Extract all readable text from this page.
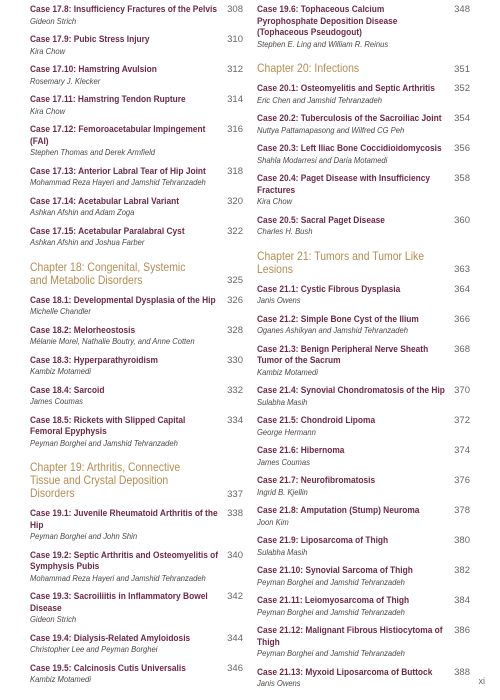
Case 17.8: Insufficiency Fractures of the Pelvis
Gideon Strich
308
Case 17.9: Pubic Stress Injury
Kira Chow
310
Case 17.10: Hamstring Avulsion
Rosemary J. Klecker
312
Case 17.11: Hamstring Tendon Rupture
Kira Chow
314
Case 17.12: Femoroacetabular Impingement (FAI)
Stephen Thomas and Derek Armfield
316
Case 17.13: Anterior Labral Tear of Hip Joint
Mohammad Reza Hayeri and Jamshid Tehranzadeh
318
Case 17.14: Acetabular Labral Variant
Ashkan Afshin and Adam Zoga
320
Case 17.15: Acetabular Paralabral Cyst
Ashkan Afshin and Joshua Farber
322
Chapter 18: Congenital, Systemic and Metabolic Disorders	325
Case 18.1: Developmental Dysplasia of the Hip
Michelle Chandler
326
Case 18.2: Melorheostosis
Mélanie Morel, Nathalie Boutry, and Anne Cotten
328
Case 18.3: Hyperparathyroidism
Kambiz Motamedi
330
Case 18.4: Sarcoid
James Coumas
332
Case 18.5: Rickets with Slipped Capital Femoral Epyphysis
Peyman Borghei and Jamshid Tehranzadeh
334
Chapter 19: Arthritis, Connective Tissue and Crystal Deposition Disorders	337
Case 19.1: Juvenile Rheumatoid Arthritis of the Hip
Peyman Borghei and John Shin
338
Case 19.2: Septic Arthritis and Osteomyelitis of Symphysis Pubis
Mohammad Reza Hayeri and Jamshid Tehranzadeh
340
Case 19.3: Sacroiliitis in Inflammatory Bowel Disease
Gideon Strich
342
Case 19.4: Dialysis-Related Amyloidosis
Christopher Lee and Peyman Borghei
344
Case 19.5: Calcinosis Cutis Universalis
Kambiz Motamedi
346
Case 19.6: Tophaceous Calcium Pyrophosphate Deposition Disease (Tophaceous Pseudogout)
Stephen E. Ling and William R. Reinus
348
Chapter 20: Infections	351
Case 20.1: Osteomyelitis and Septic Arthritis
Eric Chen and Jamshid Tehranzadeh
352
Case 20.2: Tuberculosis of the Sacroiliac Joint
Nuttya Pattamapasong and Wilfred CG Peh
354
Case 20.3: Left Iliac Bone Coccidioidomycosis
Shahla Modarresi and Daria Motamedi
356
Case 20.4: Paget Disease with Insufficiency Fractures
Kira Chow
358
Case 20.5: Sacral Paget Disease
Charles H. Bush
360
Chapter 21: Tumors and Tumor Like Lesions	363
Case 21.1: Cystic Fibrous Dysplasia
Janis Owens
364
Case 21.2: Simple Bone Cyst of the Ilium
Oganes Ashikyan and Jamshid Tehranzadeh
366
Case 21.3: Benign Peripheral Nerve Sheath Tumor of the Sacrum
Kambiz Motamedi
368
Case 21.4: Synovial Chondromatosis of the Hip
Sulabha Masih
370
Case 21.5: Chondroid Lipoma
George Hermann
372
Case 21.6: Hibernoma
James Coumas
374
Case 21.7: Neurofibromatosis
Ingrid B. Kjellin
376
Case 21.8: Amputation (Stump) Neuroma
Joon Kim
378
Case 21.9: Liposarcoma of Thigh
Sulabha Masih
380
Case 21.10: Synovial Sarcoma of Thigh
Peyman Borghei and Jamshid Tehranzadeh
382
Case 21.11: Leiomyosarcoma of Thigh
Peyman Borghei and Jamshid Tehranzadeh
384
Case 21.12: Malignant Fibrous Histiocytoma of Thigh
Peyman Borghei and Jamshid Tehranzadeh
386
Case 21.13: Myxoid Liposarcoma of Buttock
Janis Owens
388
xi
